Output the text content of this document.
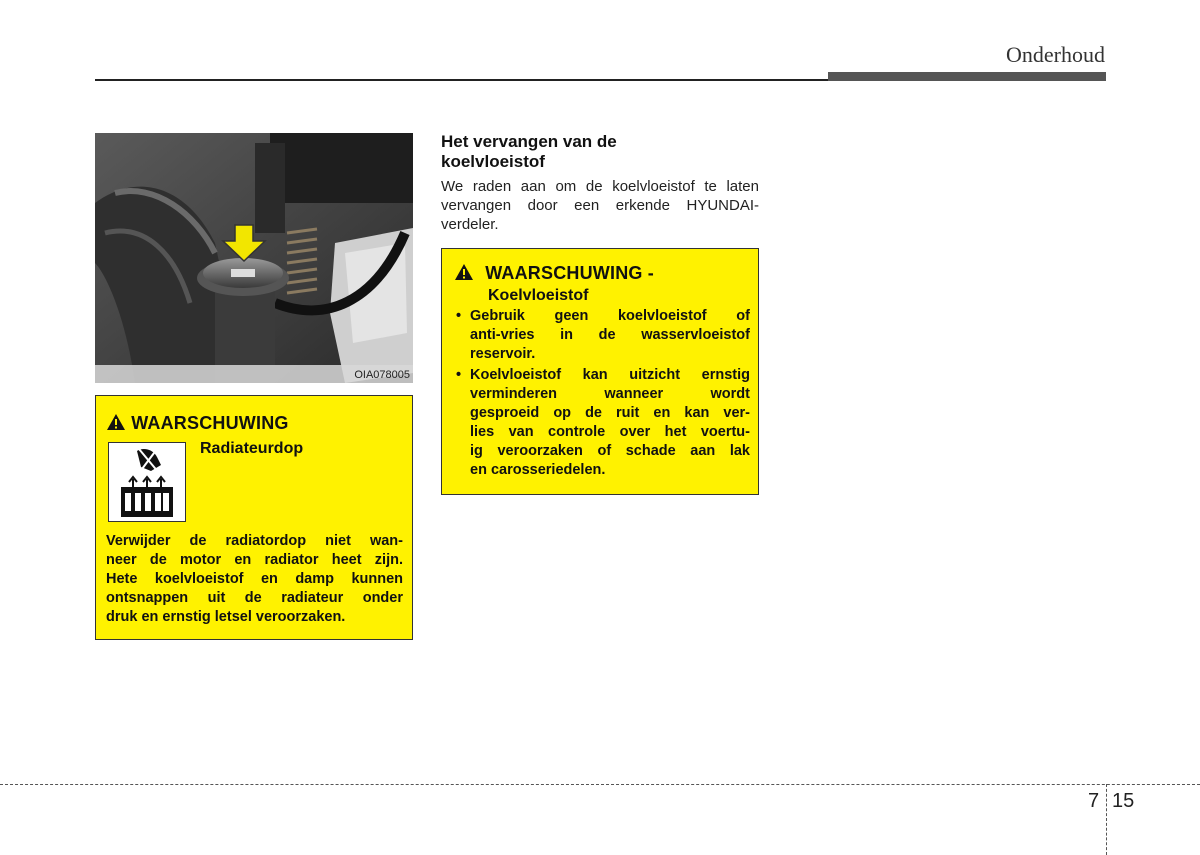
Onderhoud
OIA078005
WAARSCHUWING
Radiateurdop
Verwijder de radiatordop niet wan-
neer de motor en radiator heet zijn.
Hete koelvloeistof en damp kunnen
ontsnappen uit de radiateur onder
druk en ernstig letsel veroorzaken.
Het vervangen van de
koelvloeistof
We raden aan om de koelvloeistof te laten vervangen door een erkende HYUNDAI-verdeler.
WAARSCHUWING -
Koelvloeistof
• Gebruik geen koelvloeistof of
anti-vries in de wasservloeistof
reservoir.
• Koelvloeistof kan uitzicht ernstig
verminderen wanneer wordt
gesproeid op de ruit en kan ver-
lies van controle over het voertu-
ig veroorzaken of schade aan lak
en carosseriedelen.
7 15
